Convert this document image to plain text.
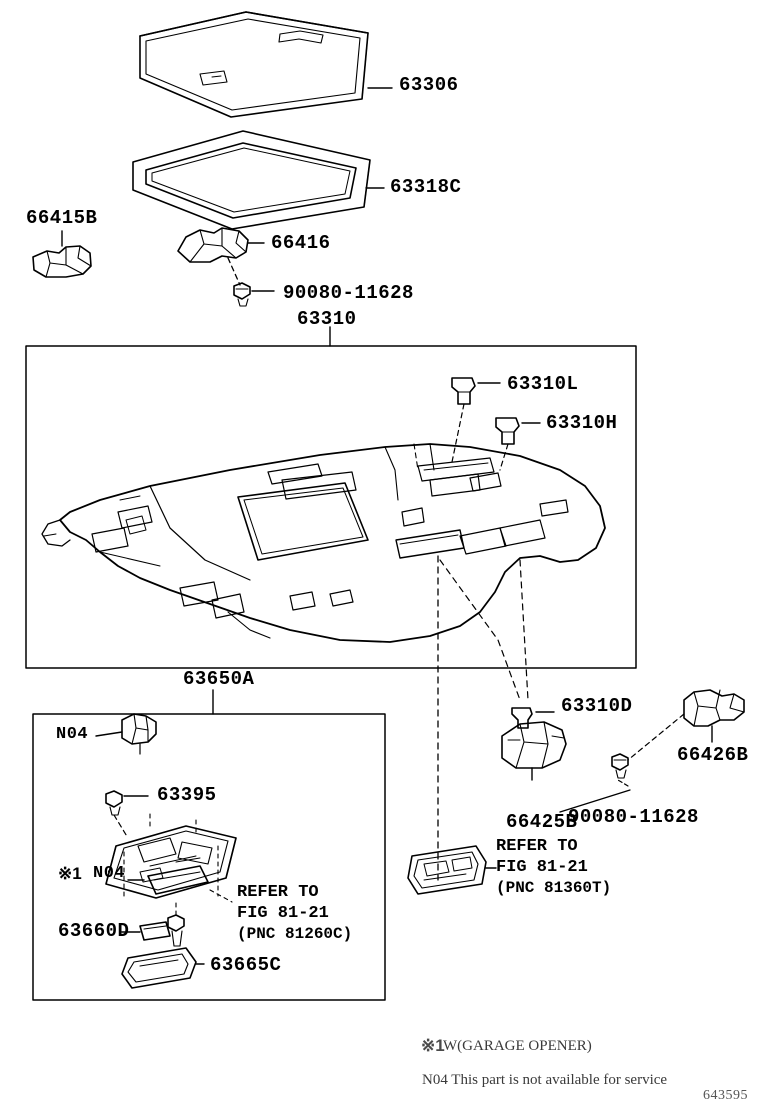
63306
63318C
66415B
66416
90080-11628
63310
63310L
63310H
63650A
63310D
66426B
63395
90080-11628
66425B
63660D
63665C
N04
N04
※1
※1
REFER TO
FIG 81-21
(PNC 81260C)
REFER TO
FIG 81-21
(PNC 81360T)
W(GARAGE OPENER)
N04 This part is not available for service
643595
